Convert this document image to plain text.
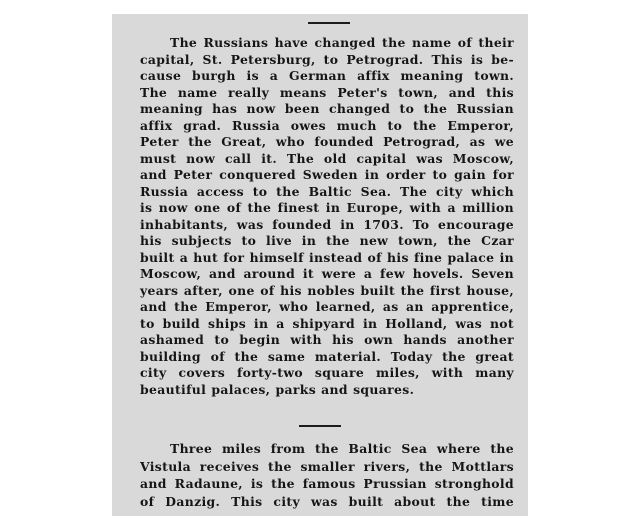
The Russians have changed the name of their
capital, St. Petersburg, to Petrograd. This is be-
cause burgh is a German affix meaning town.
The name really means Peter's town, and this
meaning has now been changed to the Russian
affix grad. Russia owes much to the Emperor,
Peter the Great, who founded Petrograd, as we
must now call it. The old capital was Moscow,
and Peter conquered Sweden in order to gain for
Russia access to the Baltic Sea. The city which
is now one of the finest in Europe, with a million
inhabitants, was founded in 1703. To encourage
his subjects to live in the new town, the Czar
built a hut for himself instead of his fine palace in
Moscow, and around it were a few hovels. Seven
years after, one of his nobles built the first house,
and the Emperor, who learned, as an apprentice,
to build ships in a shipyard in Holland, was not
ashamed to begin with his own hands another
building of the same material. Today the great
city covers forty-two square miles, with many
beautiful palaces, parks and squares.
Three miles from the Baltic Sea where the
Vistula receives the smaller rivers, the Mottlars
and Radaune, is the famous Prussian stronghold
of Danzig. This city was built about the time
